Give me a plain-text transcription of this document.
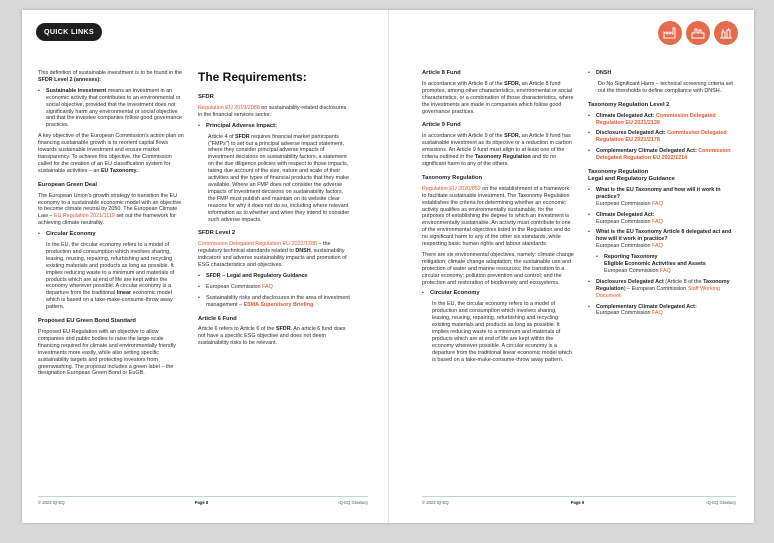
QUICK LINKS

This definition of sustainable investment is to be found in the SFDR Level 2 (annexes):

• Sustainable Investment means an investment in an economic activity that contributes to an environmental or social objective, provided that the investment does not significantly harm any environmental or social objective and that the investee companies follow good governance practices.

A key objective of the European Commission's action plan on financing sustainable growth is to reorient capital flows towards sustainable investment and ensure market transparency. To achieve this objective, the Commission called for the creation of an EU classification system for sustainable activities – an EU Taxonomy.

European Green Deal

The European Union's growth strategy to transition the EU economy to a sustainable economic model with an objective to become climate neutral by 2050. The European Climate Law – EU Regulation 2021/1119 set out the framework for achieving climate neutrality.

• Circular Economy
In the EU, the circular economy refers to a model of production and consumption which involves sharing, leasing, reusing, repairing, refurbishing and recycling existing materials and products as long as possible. It implies reducing waste to a minimum and materials of products which are at end of life are kept within the economy wherever possible. A circular economy is a departure from the traditional linear economic model which is based on a take-make-consume-throw away pattern.
Proposed EU Green Bond Standard

Proposed EU Regulation with an objective to allow companies and public bodies to raise the large-scale financing required for climate and environmentally friendly investments more easily, while also setting specific sustainability targets and protecting investors from greenwashing. The proposal includes a green label – the designation European Green Bond or EuGB.

The Requirements:
SFDR

Regulation EU 2019/2088 on sustainability-related disclosures in the financial services sector.

• Principal Adverse Impact:

Article 4 of SFDR requires financial market participants ("FMPs") to set out a principal adverse impact statement, where they consider principal adverse impacts of investment decisions on sustainability factors, a statement on the due diligence policies with respect to those impacts, taking due account of the size, nature and scale of their activities and the types of financial products that they make available. Where an FMP does not consider the adverse impacts of investment decisions on sustainability factors, the FMP must publish and maintain on its website clear reasons for why it does not do so, including where relevant information as to whether and when they intend to consider such adverse impacts.

SFDR Level 2

Commission Delegated Regulation EU 2022/1288 – the regulatory technical standards related to DNSH, sustainability indicators and adverse sustainability impacts and promotion of ESG characteristics and objectives.

• SFDR – Legal and Regulatory Guidance
• European Commission FAQ
• Sustainability risks and disclosures in the area of investment management – ESMA Supervisory Briefing
Article 6 Fund

Article 6 refers to Article 6 of the SFDR. An article 6 fund does not have a specific ESG objective and does not deem sustainability risks to be relevant.

Article 8 Fund

In accordance with Article 8 of the SFDR, an Article 8 fund promotes, among other characteristics, environmental or social characteristics, or a combination of those characteristics, where the investments are made in companies which follow good governance practices.

Article 9 Fund

In accordance with Article 9 of the SFDR, an Article 9 fund has sustainable investment as its objective or a reduction in carbon emissions. An Article 9 fund must align to at least one of the criteria outlined in the Taxonomy Regulation and do no significant harm to any of the others.

Taxonomy Regulation

Regulation EU 2020/852 on the establishment of a framework to facilitate sustainable investment. The Taxonomy Regulation establishes the criteria for determining whether an economic activity qualifies as environmentally sustainable, for the purposes of establishing the degree to which an investment is environmentally sustainable. An activity must contribute to one of the environmental objectives listed in the Regulation and do no significant harm to any of the other six standards, while respecting basic human rights and labour standards.

There are six environmental objectives, namely: climate change mitigation; climate change adaptation; the sustainable use and protection of water and marine resources; the transition to a circular economy; pollution prevention and control; and the protection and restoration of biodiversity and ecosystems.

• Circular Economy

In the EU, the circular economy refers to a model of production and consumption which involves sharing, leasing, reusing, repairing, refurbishing and recycling existing materials and products as long as possible. It implies reducing waste to a minimum and materials of products which are at end of life are kept within the economy wherever possible. A circular economy is a departure from the traditional linear economic model which is based on a take-make-consume-throw away pattern.

• DNSH

Do No Significant Harm – technical screening criteria set out the thresholds to define compliance with DNSH.

Taxonomy Regulation Level 2
• Climate Delegated Act: Commission Delegated Regulation EU 2021/2139
• Disclosures Delegated Act: Commission Delegated Regulation EU 2021/2178
• Complementary Climate Delegated Act: Commission Delegated Regulation EU 2022/1214
Taxonomy Regulation
Legal and Regulatory Guidance
• What is the EU Taxonomy and how will it work in practice?
European Commission FAQ
• Climate Delegated Act:
European Commission FAQ
• What is the EU Taxonomy Article 8 delegated act and how will it work in practice?
European Commission FAQ
• Reporting Taxonomy
Eligible Economic Activities and Assets
European Commission FAQ
• Disclosures Delegated Act (Article 8 of the Taxonomy Regulation) – European Commission Staff Working Document
• Complementary Climate Delegated Act:
European Commission FAQ
© 2023 IQ-EQ	Page 8	IQ-EQ Glossary	© 2023 IQ-EQ	Page 9	IQ-EQ Glossary
